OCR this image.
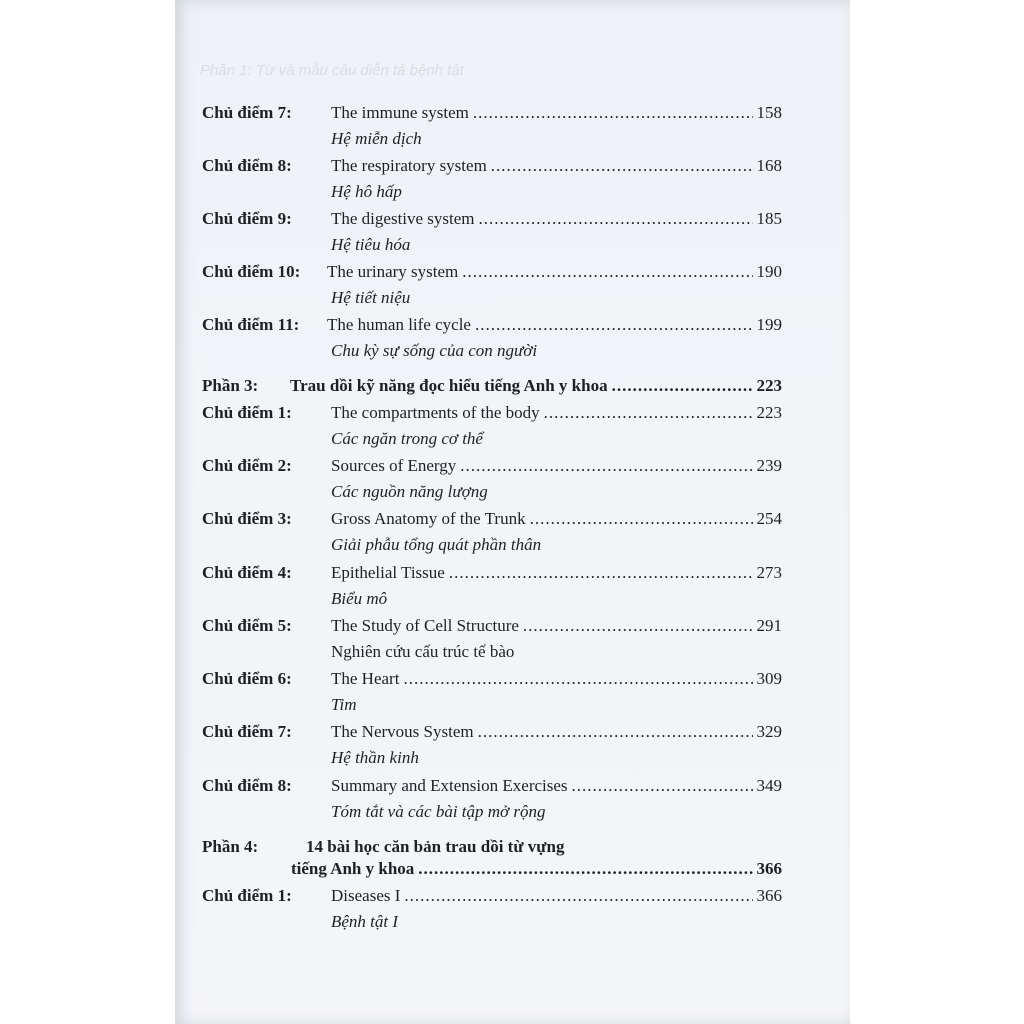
Chủ điểm 7: The immune system .....	158
Hệ miễn dịch
Chủ điểm 8: The respiratory system .....	168
Hệ hô hấp
Chủ điểm 9: The digestive system .....	185
Hệ tiêu hóa
Chủ điểm 10: The urinary system .....	190
Hệ tiết niệu
Chủ điểm 11: The human life cycle .....	199
Chu kỳ sự sống của con người
Phần 3: Trau dồi kỹ năng đọc hiểu tiếng Anh y khoa .....	223
Chủ điểm 1: The compartments of the body .....	223
Các ngăn trong cơ thể
Chủ điểm 2: Sources of Energy .....	239
Các nguồn năng lượng
Chủ điểm 3: Gross Anatomy of the Trunk .....	254
Giải phẫu tổng quát phần thân
Chủ điểm 4: Epithelial Tissue .....	273
Biểu mô
Chủ điểm 5: The Study of Cell Structure .....	291
Nghiên cứu cấu trúc tế bào
Chủ điểm 6: The Heart .....	309
Tim
Chủ điểm 7: The Nervous System .....	329
Hệ thần kinh
Chủ điểm 8: Summary and Extension Exercises .....	349
Tóm tắt và các bài tập mở rộng
Phần 4:	14 bài học căn bản trau dồi từ vựng
tiếng Anh y khoa .....	366
Chủ điểm 1: Diseases I .....	366
Bệnh tật I
